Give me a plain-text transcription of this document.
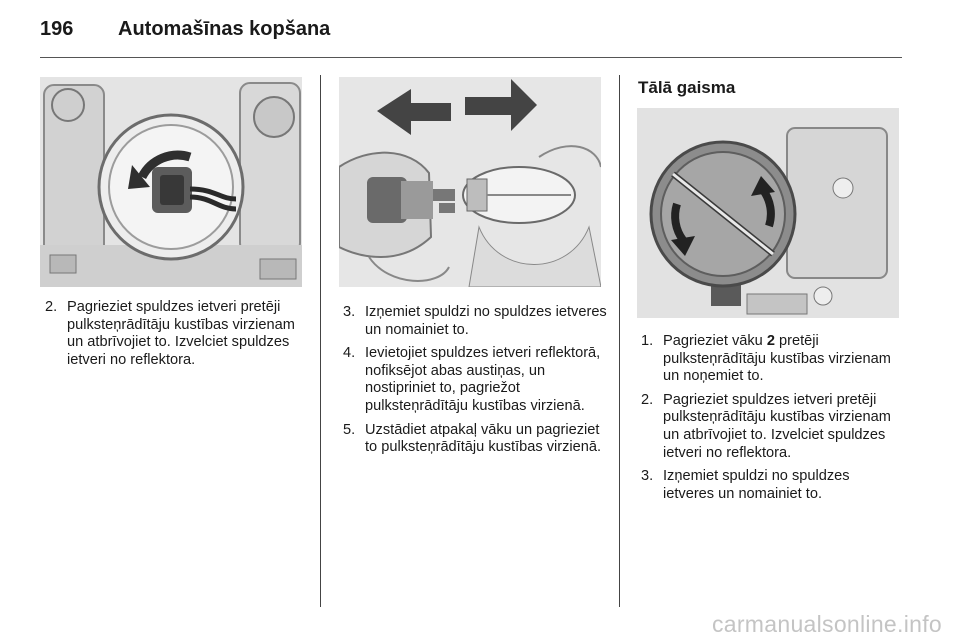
196	Automašīnas kopšana
2. Pagrieziet spuldzes ietveri pretēji pulksteņrādītāju kustības virzienam un atbrīvojiet to. Izvelciet spuldzes ietveri no reflektora.
3. Izņemiet spuldzi no spuldzes ietveres un nomainiet to.
4. Ievietojiet spuldzes ietveri reflektorā, nofiksējot abas austiņas, un nostipriniet to, pagriežot pulksteņrādītāju kustības virzienā.
5. Uzstādiet atpakaļ vāku un pagrieziet to pulksteņrādītāju kustības virzienā.
Tālā gaisma
1. Pagrieziet vāku 2 pretēji pulksteņrādītāju kustības virzienam un noņemiet to.
2. Pagrieziet spuldzes ietveri pretēji pulksteņrādītāju kustības virzienam un atbrīvojiet to. Izvelciet spuldzes ietveri no reflektora.
3. Izņemiet spuldzi no spuldzes ietveres un nomainiet to.
carmanualsonline.info
